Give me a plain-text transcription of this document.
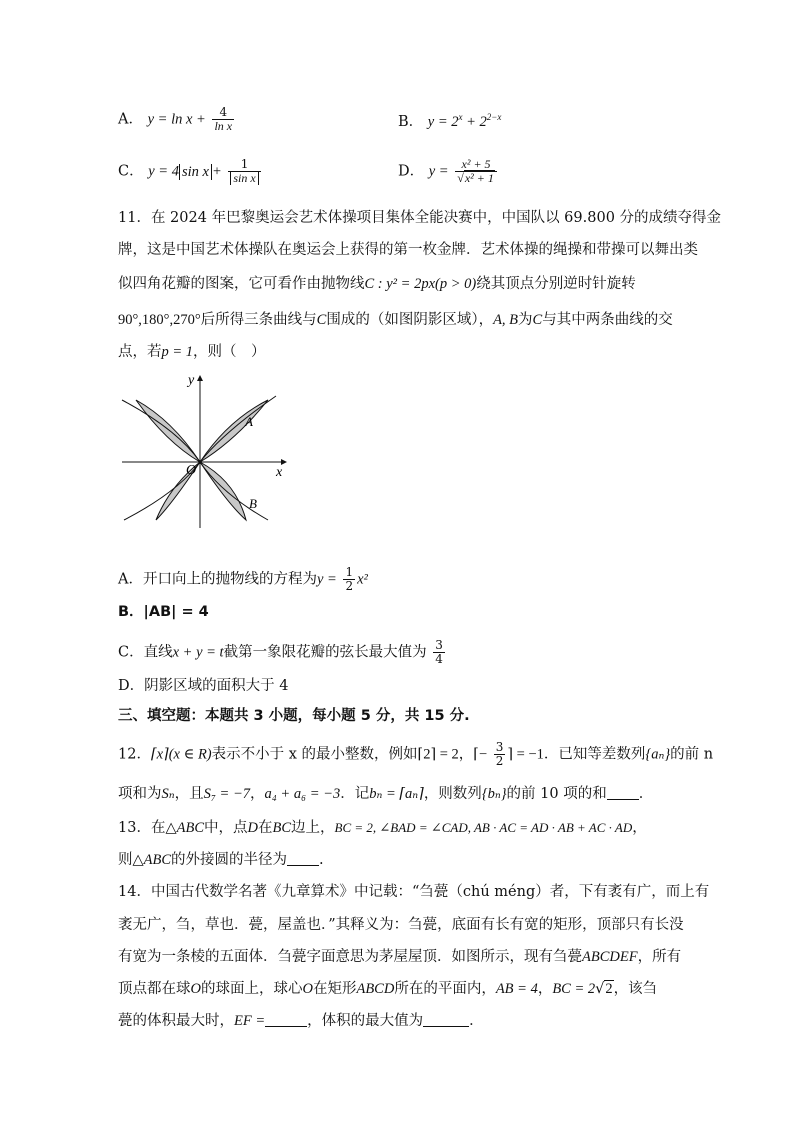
A． $y = \ln x + \frac{4}{\text{ln x}}$	B． $y = 2^x + 2^{2-x}$
C． y = 4 $\sin x + \frac{1}{\text{sin x}}$	D． $y = \frac{\text{x² + 5}}{\text{√x² + 1}}$
11．在 2024 年巴黎奥运会艺术体操项目集体全能决赛中，中国队以 69.800 分的成绩夺得金
牌，这是中国艺术体操队在奥运会上获得的第一枚金牌．艺术体操的绳操和带操可以舞出类
似四角花瓣的图案，它可看作由抛物线C : y² = 2px(p > 0)绕其顶点分别逆时针旋转
90°,180°,270°后所得三条曲线与C围成的（如图阴影区域），A, B为C与其中两条曲线的交
点，若p = 1，则（　）
y
x
O
A
B
A．开口向上的抛物线的方程为$y = \frac{1}{2} x^2$
B．|AB| = 4
C．直线x + y = t截第一象限花瓣的弦长最大值为 $\frac{3}{4}$
D．阴影区域的面积大于 4
三、填空题：本题共 3 小题，每小题 5 分，共 15 分.
12．⌈x⌉(x ∈ R)表示不小于 x 的最小整数，例如⌈2⌉ = 2，⌈− $\frac{3}{2}$ ⌉ = −1．已知等差数列{aₙ}的前 n
项和为Sₙ，且S₇ = −7，a₄ + a₆ = −3．记bₙ = ⌈aₙ⌉，则数列{bₙ}的前 10 项的和 ．
13．在△ABC中，点D在BC边上，BC = 2, ∠BAD = ∠CAD, AB · AC = AD · AB + AC · AD，
则△ABC的外接圆的半径为 .
14．中国古代数学名著《九章算术》中记载：“刍甍（chú méng）者，下有袤有广，而上有
袤无广，刍，草也．甍，屋盖也．”其释义为：刍甍，底面有长有宽的矩形，顶部只有长没
有宽为一条棱的五面体．刍甍字面意思为茅屋屋顶．如图所示，现有刍甍ABCDEF，所有
顶点都在球O的球面上，球心O在矩形ABCD所在的平面内，AB = 4，BC = 2√2，该刍
甍的体积最大时，EF =	，体积的最大值为	．
